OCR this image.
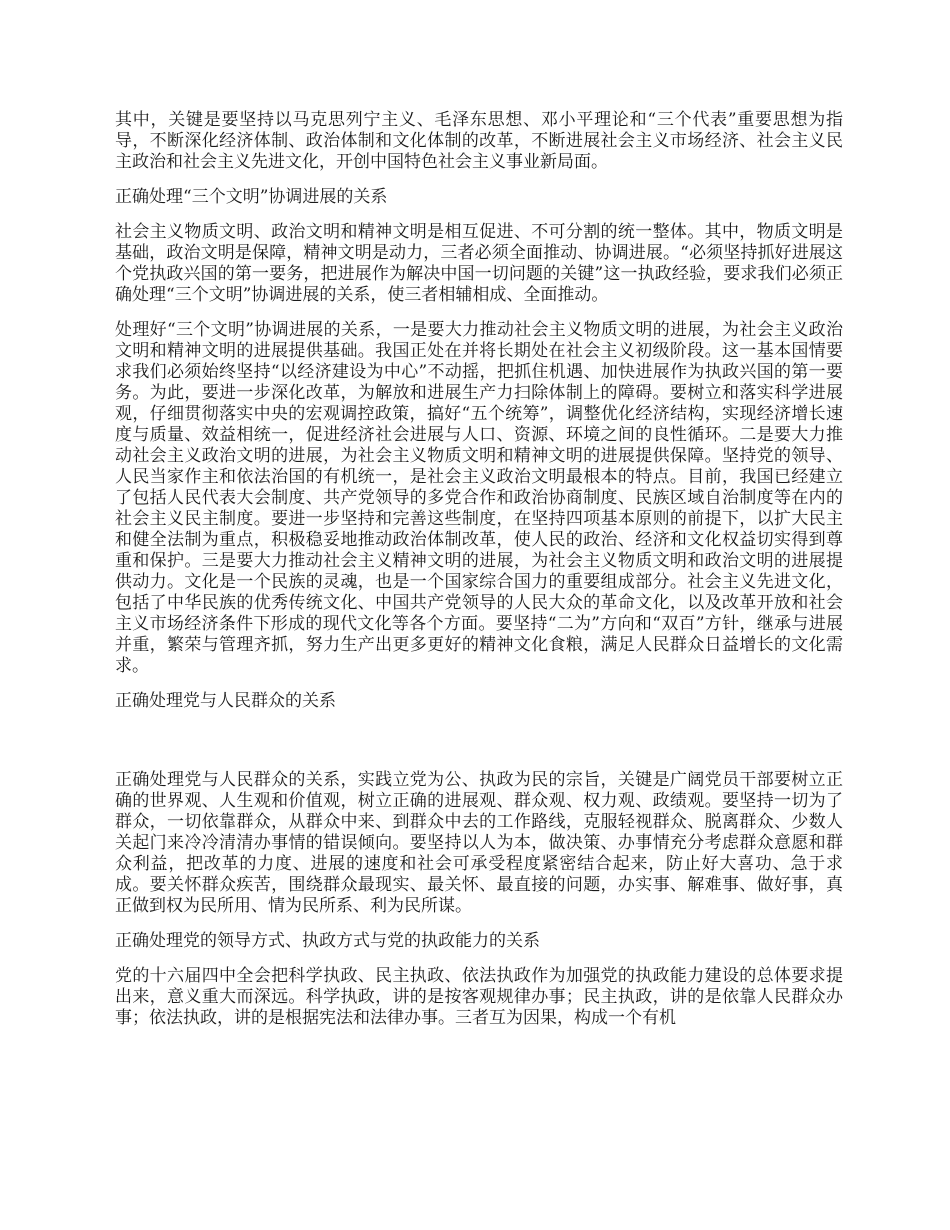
其中，关键是要坚持以马克思列宁主义、毛泽东思想、邓小平理论和“三个代表”重要思想为指导，不断深化经济体制、政治体制和文化体制的改革，不断进展社会主义市场经济、社会主义民主政治和社会主义先进文化，开创中国特色社会主义事业新局面。

正确处理“三个文明”协调进展的关系

社会主义物质文明、政治文明和精神文明是相互促进、不可分割的统一整体。其中，物质文明是基础，政治文明是保障，精神文明是动力，三者必须全面推动、协调进展。“必须坚持抓好进展这个党执政兴国的第一要务，把进展作为解决中国一切问题的关键”这一执政经验，要求我们必须正确处理“三个文明”协调进展的关系，使三者相辅相成、全面推动。

处理好“三个文明”协调进展的关系，一是要大力推动社会主义物质文明的进展，为社会主义政治文明和精神文明的进展提供基础。我国正处在并将长期处在社会主义初级阶段。这一基本国情要求我们必须始终坚持“以经济建设为中心”不动摇，把抓住机遇、加快进展作为执政兴国的第一要务。为此，要进一步深化改革，为解放和进展生产力扫除体制上的障碍。要树立和落实科学进展观，仔细贯彻落实中央的宏观调控政策，搞好“五个统筹”，调整优化经济结构，实现经济增长速度与质量、效益相统一，促进经济社会进展与人口、资源、环境之间的良性循环。二是要大力推动社会主义政治文明的进展，为社会主义物质文明和精神文明的进展提供保障。坚持党的领导、人民当家作主和依法治国的有机统一，是社会主义政治文明最根本的特点。目前，我国已经建立了包括人民代表大会制度、共产党领导的多党合作和政治协商制度、民族区域自治制度等在内的社会主义民主制度。要进一步坚持和完善这些制度，在坚持四项基本原则的前提下，以扩大民主和健全法制为重点，积极稳妥地推动政治体制改革，使人民的政治、经济和文化权益切实得到尊重和保护。三是要大力推动社会主义精神文明的进展，为社会主义物质文明和政治文明的进展提供动力。文化是一个民族的灵魂，也是一个国家综合国力的重要组成部分。社会主义先进文化，包括了中华民族的优秀传统文化、中国共产党领导的人民大众的革命文化，以及改革开放和社会主义市场经济条件下形成的现代文化等各个方面。要坚持“二为”方向和“双百”方针，继承与进展并重，繁荣与管理齐抓，努力生产出更多更好的精神文化食粮，满足人民群众日益增长的文化需求。

正确处理党与人民群众的关系

正确处理党与人民群众的关系，实践立党为公、执政为民的宗旨，关键是广阔党员干部要树立正确的世界观、人生观和价值观，树立正确的进展观、群众观、权力观、政绩观。要坚持一切为了群众，一切依靠群众，从群众中来、到群众中去的工作路线，克服轻视群众、脱离群众、少数人关起门来冷冷清清办事情的错误倾向。要坚持以人为本，做决策、办事情充分考虑群众意愿和群众利益，把改革的力度、进展的速度和社会可承受程度紧密结合起来，防止好大喜功、急于求成。要关怀群众疾苦，围绕群众最现实、最关怀、最直接的问题，办实事、解难事、做好事，真正做到权为民所用、情为民所系、利为民所谋。

正确处理党的领导方式、执政方式与党的执政能力的关系

党的十六届四中全会把科学执政、民主执政、依法执政作为加强党的执政能力建设的总体要求提出来，意义重大而深远。科学执政，讲的是按客观规律办事；民主执政，讲的是依靠人民群众办事；依法执政，讲的是根据宪法和法律办事。三者互为因果，构成一个有机
